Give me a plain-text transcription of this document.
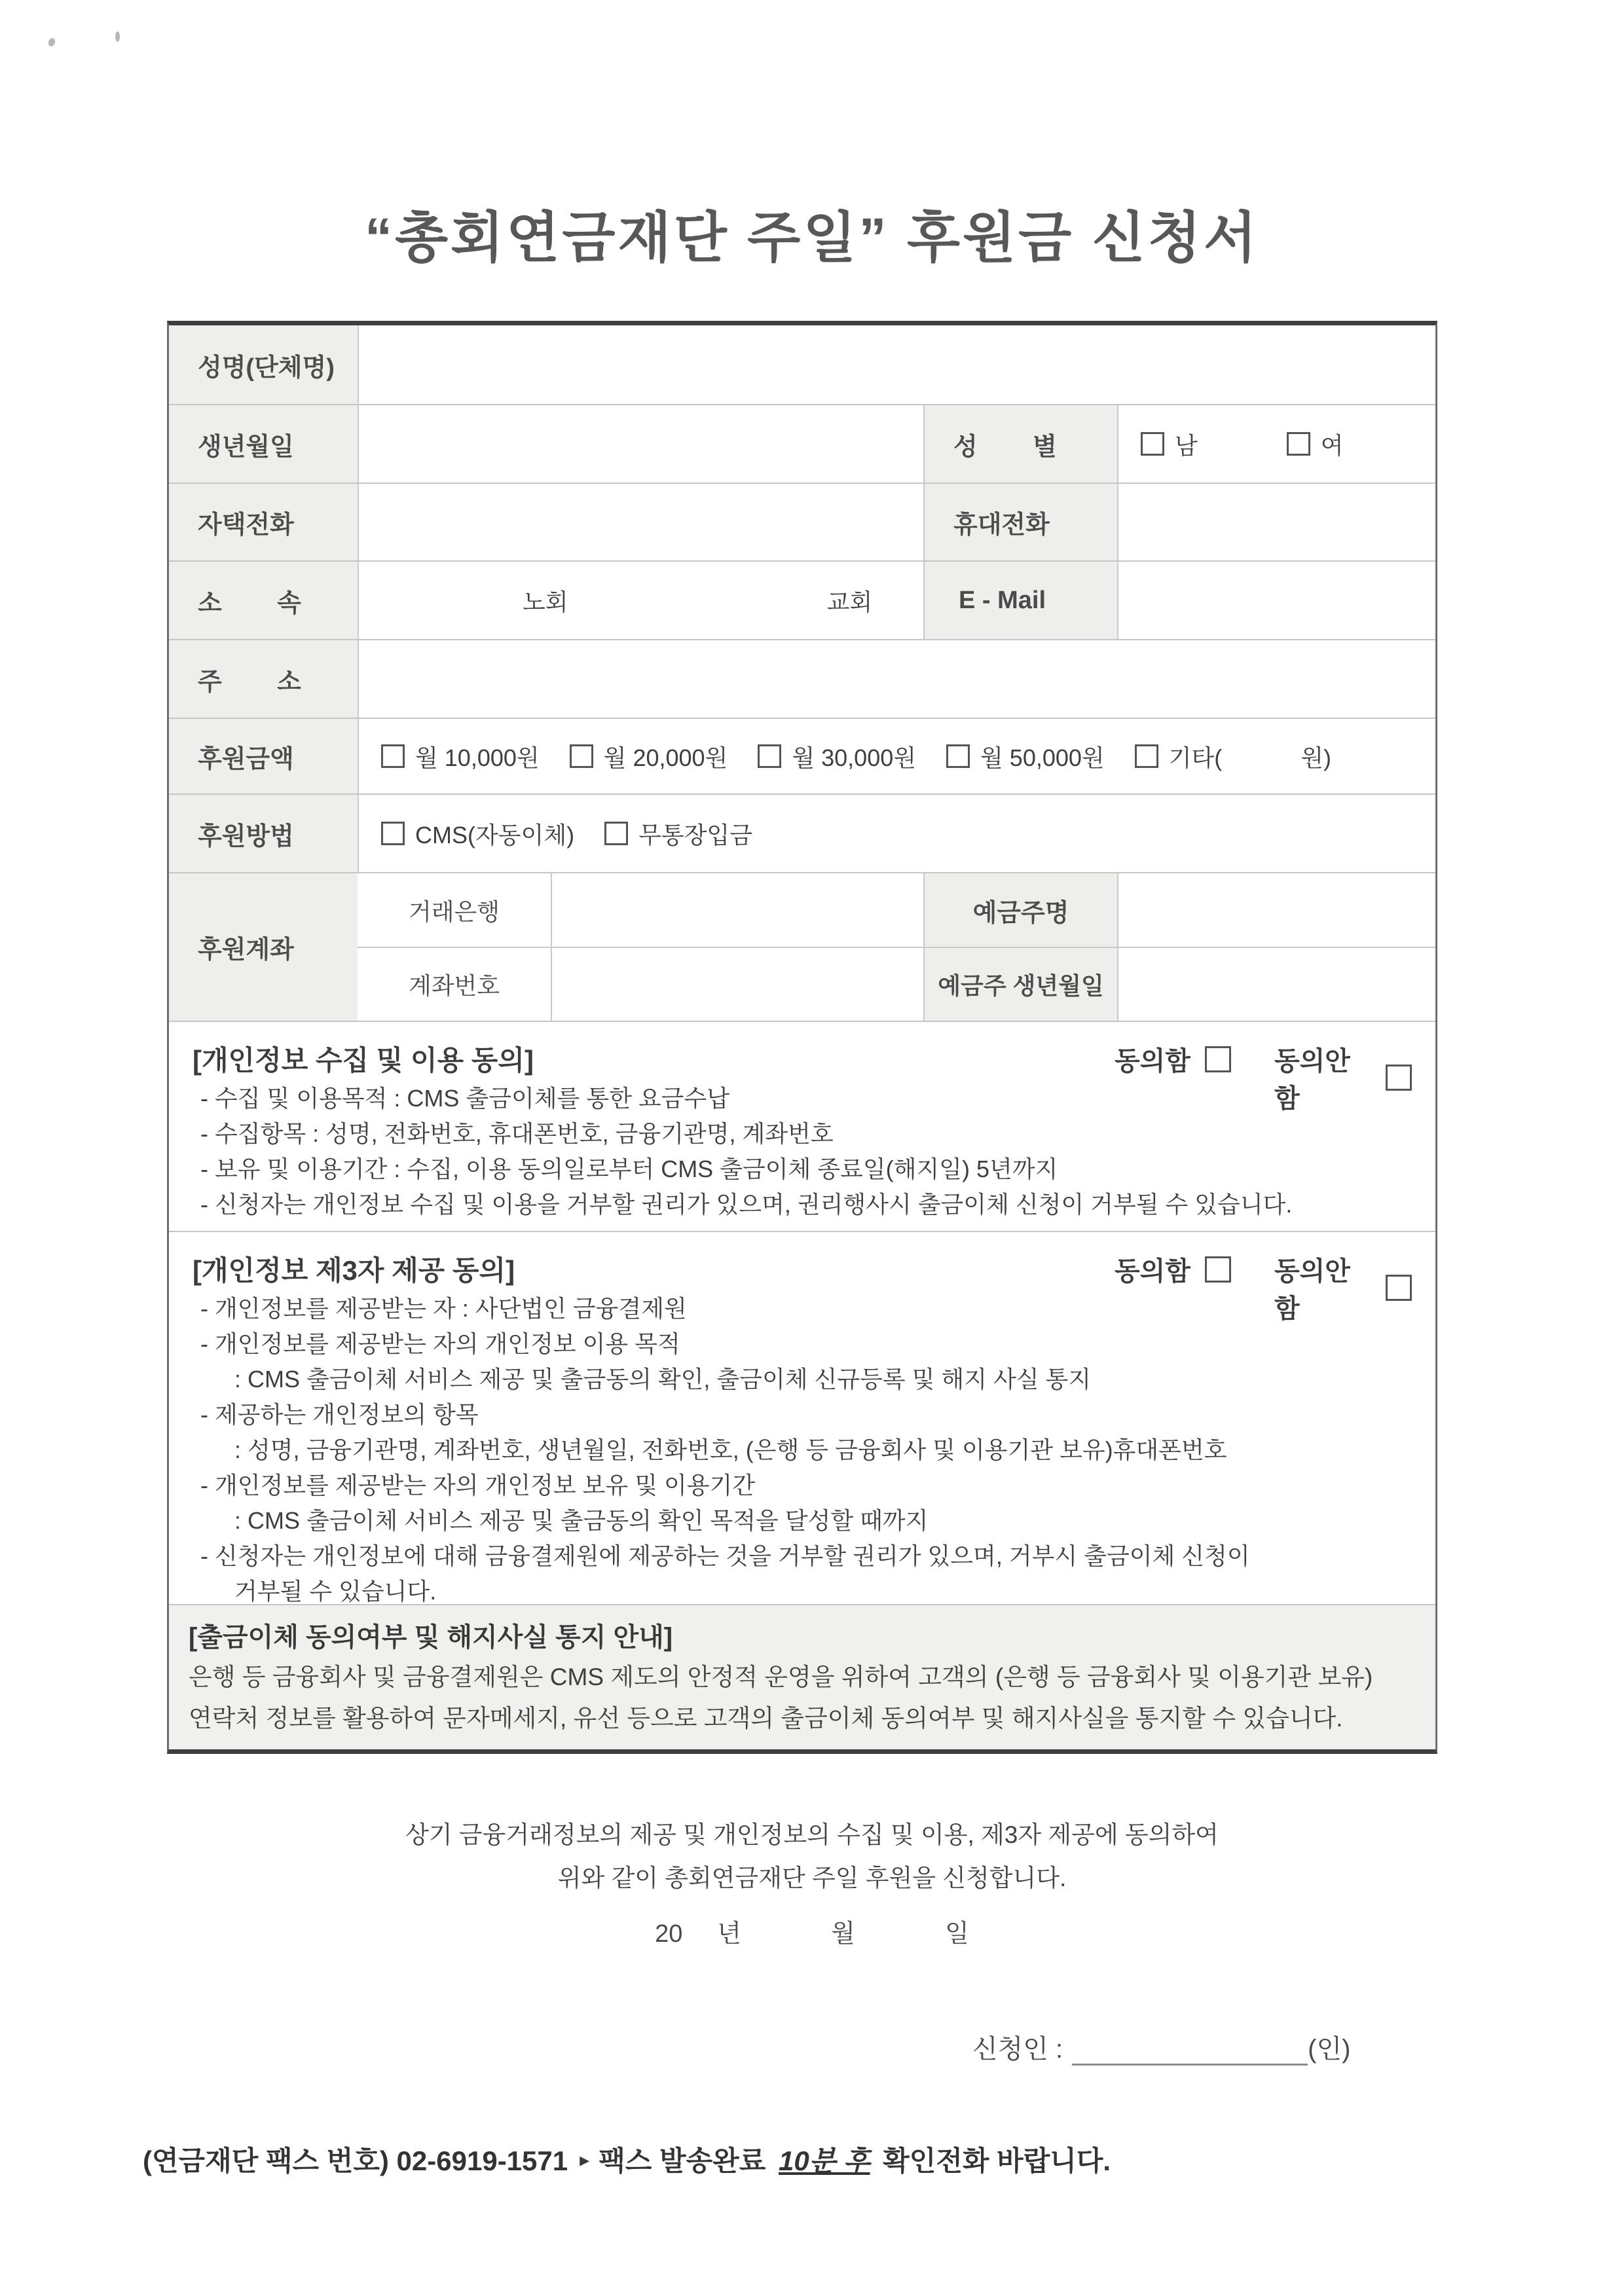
“총회연금재단 주일” 후원금 신청서
성명(단체명)
생년월일	성        별	남	여
자택전화	휴대전화
소        속	노회	교회	E - Mail
주        소
후원금액	월 10,000원	월 20,000원	월 30,000원	월 50,000원	기타(	원)
후원방법	CMS(자동이체)	무통장입금
후원계좌
거래은행	예금주명
계좌번호	예금주 생년월일
[개인정보 수집 및 이용 동의]	동의함	동의안함
- 수집 및 이용목적 : CMS 출금이체를 통한 요금수납
- 수집항목 : 성명, 전화번호, 휴대폰번호, 금융기관명, 계좌번호
- 보유 및 이용기간 : 수집, 이용 동의일로부터 CMS 출금이체 종료일(해지일) 5년까지
- 신청자는 개인정보 수집 및 이용을 거부할 권리가 있으며, 권리행사시 출금이체 신청이 거부될 수 있습니다.
[개인정보 제3자 제공 동의]	동의함	동의안함
- 개인정보를 제공받는 자 : 사단법인 금융결제원
- 개인정보를 제공받는 자의 개인정보 이용 목적
: CMS 출금이체 서비스 제공 및 출금동의 확인, 출금이체 신규등록 및 해지 사실 통지
- 제공하는 개인정보의 항목
: 성명, 금융기관명, 계좌번호, 생년월일, 전화번호, (은행 등 금융회사 및 이용기관 보유)휴대폰번호
- 개인정보를 제공받는 자의 개인정보 보유 및 이용기간
: CMS 출금이체 서비스 제공 및 출금동의 확인 목적을 달성할 때까지
- 신청자는 개인정보에 대해 금융결제원에 제공하는 것을 거부할 권리가 있으며, 거부시 출금이체 신청이
거부될 수 있습니다.
[출금이체 동의여부 및 해지사실 통지 안내]
은행 등 금융회사 및 금융결제원은 CMS 제도의 안정적 운영을 위하여 고객의 (은행 등 금융회사 및 이용기관 보유)
연락처 정보를 활용하여 문자메세지, 유선 등으로 고객의 출금이체 동의여부 및 해지사실을 통지할 수 있습니다.
상기 금융거래정보의 제공 및 개인정보의 수집 및 이용, 제3자 제공에 동의하여
위와 같이 총회연금재단 주일 후원을 신청합니다.
20     년             월             일
신청인 :	(인)
(연금재단 팩스 번호) 02-6919-1571 ▸ 팩스 발송완료 10분 후 확인전화 바랍니다.
